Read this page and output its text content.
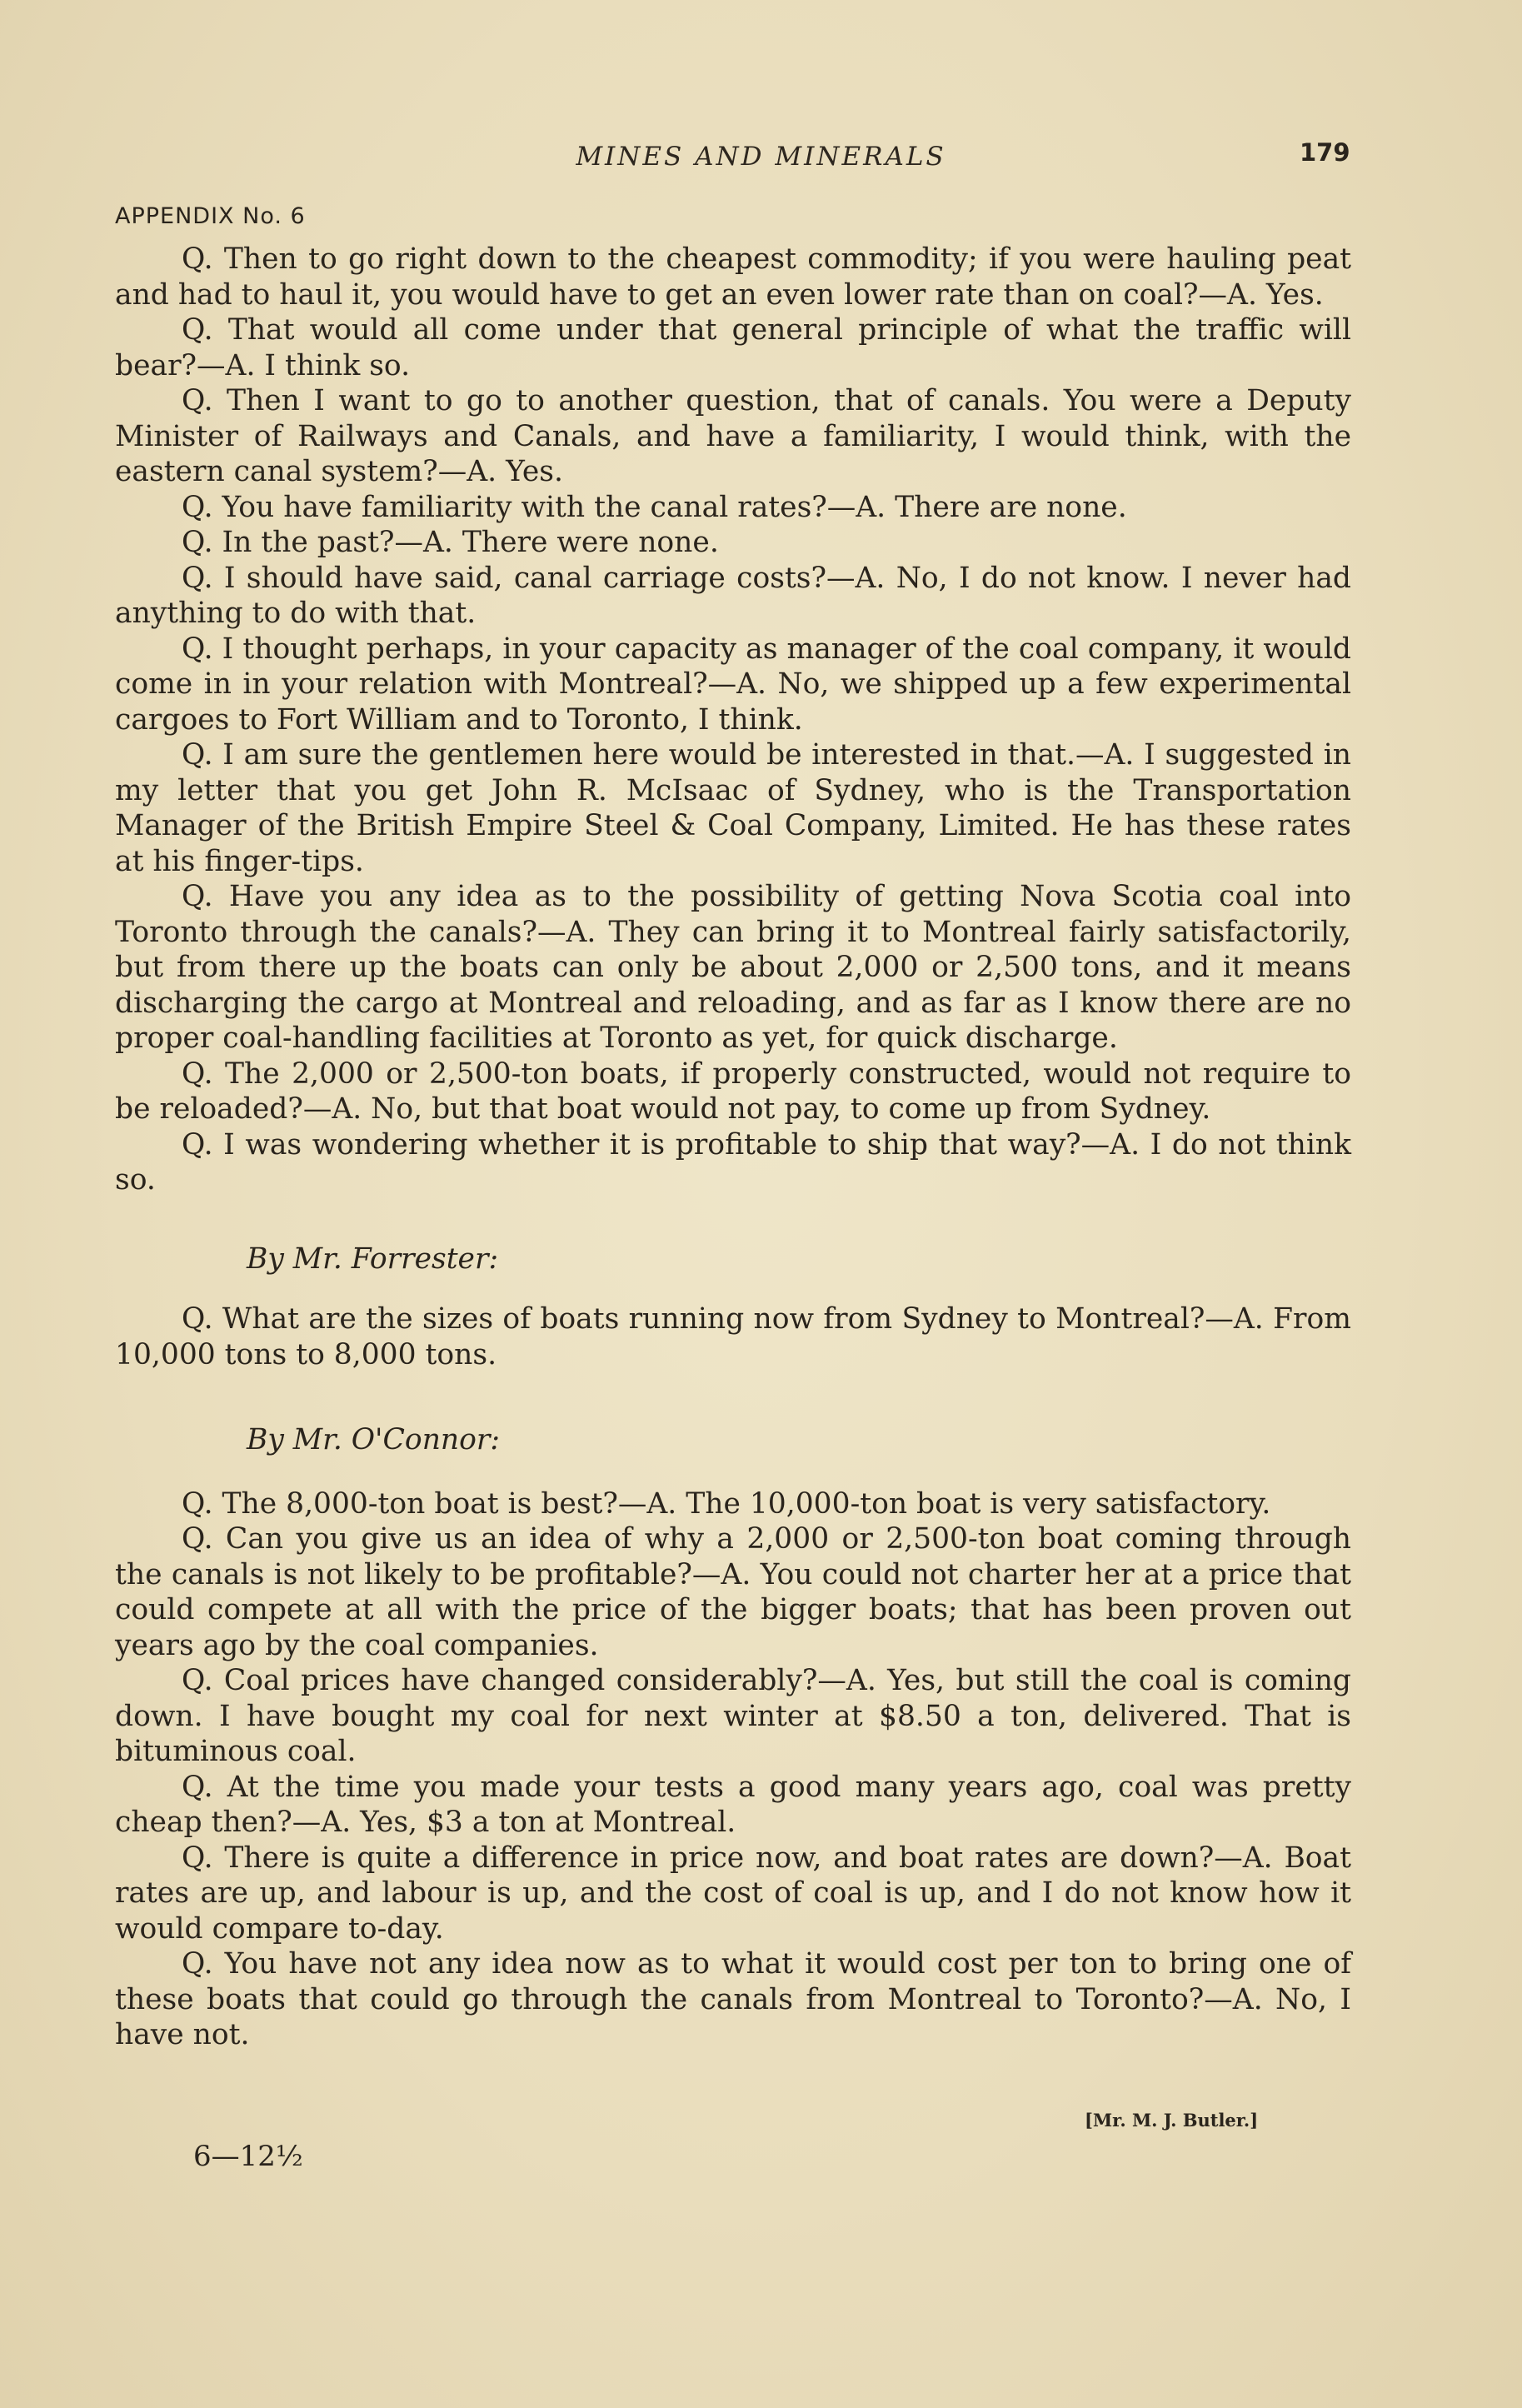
MINES AND MINERALS	179
APPENDIX No. 6

Q. Then to go right down to the cheapest commodity; if you were hauling peat and had to haul it, you would have to get an even lower rate than on coal?—A. Yes.

Q. That would all come under that general principle of what the traffic will bear?—A. I think so.

Q. Then I want to go to another question, that of canals. You were a Deputy Minister of Railways and Canals, and have a familiarity, I would think, with the eastern canal system?—A. Yes.

Q. You have familiarity with the canal rates?—A. There are none.

Q. In the past?—A. There were none.

Q. I should have said, canal carriage costs?—A. No, I do not know. I never had anything to do with that.

Q. I thought perhaps, in your capacity as manager of the coal company, it would come in in your relation with Montreal?—A. No, we shipped up a few experimental cargoes to Fort William and to Toronto, I think.

Q. I am sure the gentlemen here would be interested in that.—A. I suggested in my letter that you get John R. McIsaac of Sydney, who is the Transportation Manager of the British Empire Steel & Coal Company, Limited. He has these rates at his finger-tips.

Q. Have you any idea as to the possibility of getting Nova Scotia coal into Toronto through the canals?—A. They can bring it to Montreal fairly satisfactorily, but from there up the boats can only be about 2,000 or 2,500 tons, and it means discharging the cargo at Montreal and reloading, and as far as I know there are no proper coal-handling facilities at Toronto as yet, for quick discharge.

Q. The 2,000 or 2,500-ton boats, if properly constructed, would not require to be reloaded?—A. No, but that boat would not pay, to come up from Sydney.

Q. I was wondering whether it is profitable to ship that way?—A. I do not think so.

By Mr. Forrester:

Q. What are the sizes of boats running now from Sydney to Montreal?—A. From 10,000 tons to 8,000 tons.

By Mr. O'Connor:

Q. The 8,000-ton boat is best?—A. The 10,000-ton boat is very satisfactory.

Q. Can you give us an idea of why a 2,000 or 2,500-ton boat coming through the canals is not likely to be profitable?—A. You could not charter her at a price that could compete at all with the price of the bigger boats; that has been proven out years ago by the coal companies.

Q. Coal prices have changed considerably?—A. Yes, but still the coal is coming down. I have bought my coal for next winter at $8.50 a ton, delivered. That is bituminous coal.

Q. At the time you made your tests a good many years ago, coal was pretty cheap then?—A. Yes, $3 a ton at Montreal.

Q. There is quite a difference in price now, and boat rates are down?—A. Boat rates are up, and labour is up, and the cost of coal is up, and I do not know how it would compare to-day.

Q. You have not any idea now as to what it would cost per ton to bring one of these boats that could go through the canals from Montreal to Toronto?—A. No, I have not.

[Mr. M. J. Butler.]
6—12½
